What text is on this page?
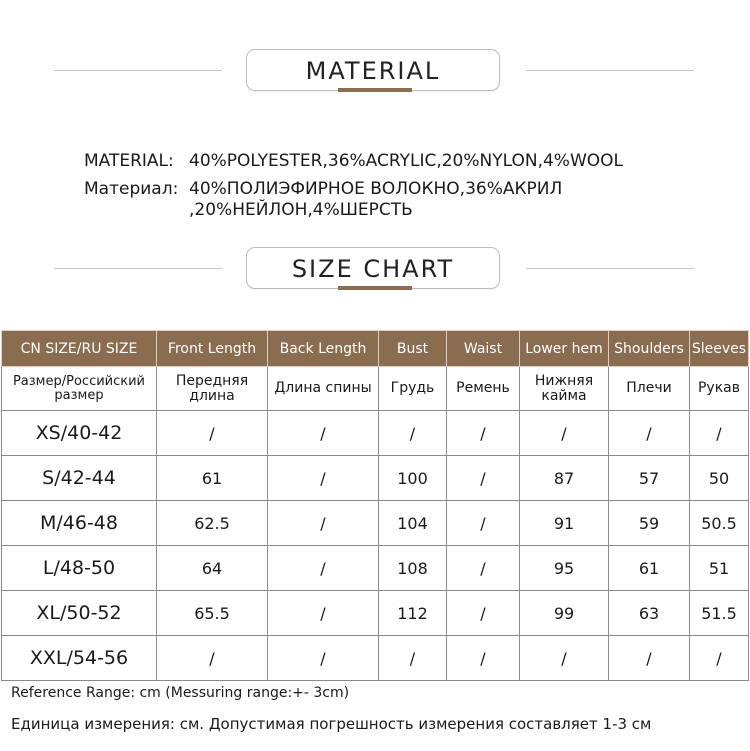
MATERIAL
MATERIAL: 40%POLYESTER,36%ACRYLIC,20%NYLON,4%WOOL
Материал: 40%ПОЛИЭФИРНОЕ ВОЛОКНО,36%АКРИЛ
,20%НЕЙЛОН,4%ШЕРСТЬ
SIZE CHART
CN SIZE/RU SIZE	Front Length	Back Length	Bust	Waist	Lower hem	Shoulders	Sleeves
Размер/Российский размер	Передняя длина	Длина спины	Грудь	Ремень	Нижняя кайма	Плечи	Рукав
XS/40-42	/	/	/	/	/	/	/
S/42-44	61	/	100	/	87	57	50
M/46-48	62.5	/	104	/	91	59	50.5
L/48-50	64	/	108	/	95	61	51
XL/50-52	65.5	/	112	/	99	63	51.5
XXL/54-56	/	/	/	/	/	/	/
Reference Range: cm (Messuring range:+- 3cm)
Единица измерения: см. Допустимая погрешность измерения составляет 1-3 см
